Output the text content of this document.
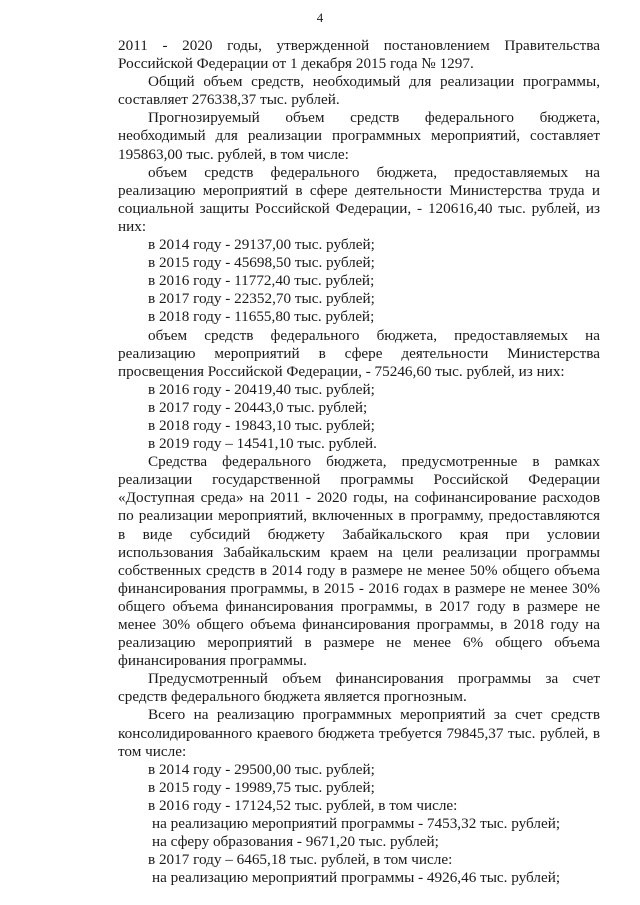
4

2011 - 2020 годы, утвержденной постановлением Правительства Российской Федерации от 1 декабря 2015 года № 1297.

Общий объем средств, необходимый для реализации программы, составляет 276338,37 тыс. рублей.

Прогнозируемый объем средств федерального бюджета, необходимый для реализации программных мероприятий, составляет 195863,00 тыс. рублей, в том числе:

объем средств федерального бюджета, предоставляемых на реализацию мероприятий в сфере деятельности Министерства труда и социальной защиты Российской Федерации, - 120616,40 тыс. рублей, из них:

в 2014 году - 29137,00 тыс. рублей;

в 2015 году - 45698,50 тыс. рублей;

в 2016 году - 11772,40 тыс. рублей;

в 2017 году - 22352,70 тыс. рублей;

в 2018 году - 11655,80 тыс. рублей;

объем средств федерального бюджета, предоставляемых на реализацию мероприятий в сфере деятельности Министерства просвещения Российской Федерации, - 75246,60 тыс. рублей, из них:

в 2016 году - 20419,40 тыс. рублей;

в 2017 году - 20443,0 тыс. рублей;

в 2018 году - 19843,10 тыс. рублей;

в 2019 году – 14541,10 тыс. рублей.

Средства федерального бюджета, предусмотренные в рамках реализации государственной программы Российской Федерации «Доступная среда» на 2011 - 2020 годы, на софинансирование расходов по реализации мероприятий, включенных в программу, предоставляются в виде субсидий бюджету Забайкальского края при условии использования Забайкальским краем на цели реализации программы собственных средств в 2014 году в размере не менее 50% общего объема финансирования программы, в 2015 - 2016 годах в размере не менее 30% общего объема финансирования программы, в 2017 году в размере не менее 30% общего объема финансирования программы, в 2018 году на реализацию мероприятий в размере не менее 6% общего объема финансирования программы.

Предусмотренный объем финансирования программы за счет средств федерального бюджета является прогнозным.

Всего на реализацию программных мероприятий за счет средств консолидированного краевого бюджета требуется 79845,37 тыс. рублей, в том числе:

в 2014 году - 29500,00 тыс. рублей;

в 2015 году - 19989,75 тыс. рублей;

в 2016 году - 17124,52 тыс. рублей, в том числе:

на реализацию мероприятий программы - 7453,32 тыс. рублей;

на сферу образования - 9671,20 тыс. рублей;

в 2017 году – 6465,18 тыс. рублей, в том числе:

на реализацию мероприятий программы - 4926,46 тыс. рублей;
